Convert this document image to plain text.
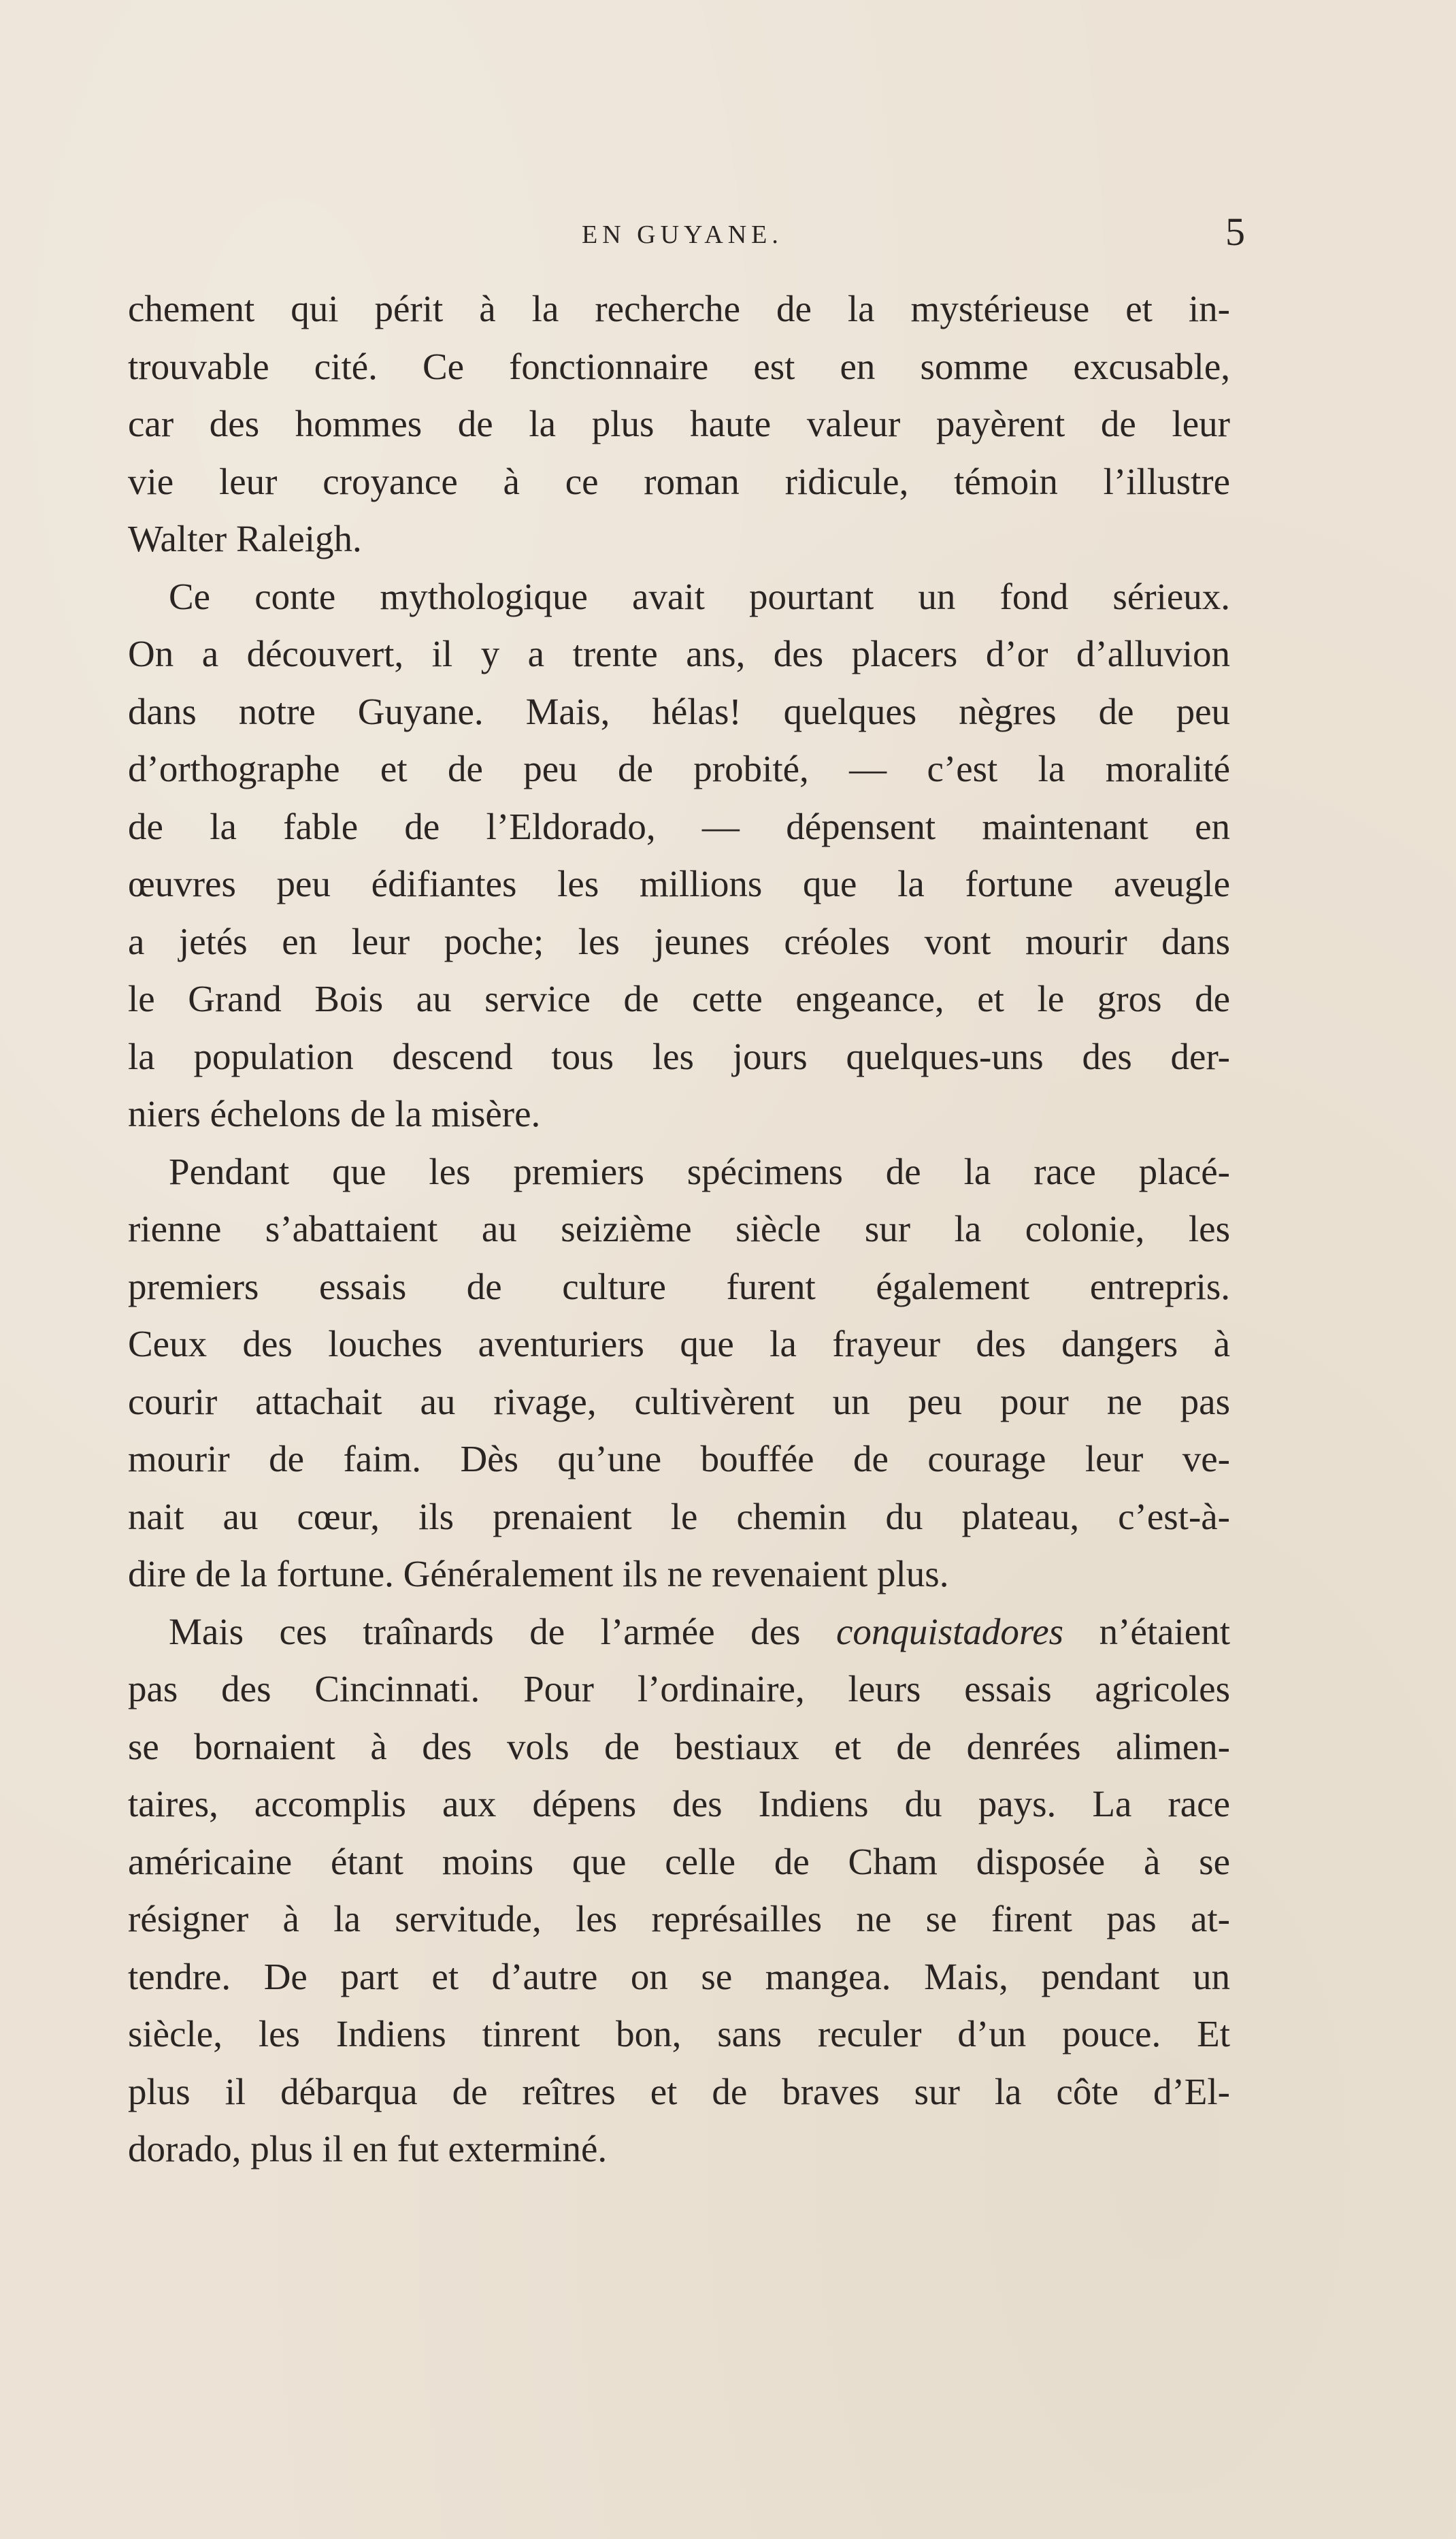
EN GUYANE.	5
chement qui périt à la recherche de la mystérieuse et in-
trouvable cité. Ce fonctionnaire est en somme excusable,
car des hommes de la plus haute valeur payèrent de leur
vie leur croyance à ce roman ridicule, témoin l’illustre
Walter Raleigh.
Ce conte mythologique avait pourtant un fond sérieux.
On a découvert, il y a trente ans, des placers d’or d’alluvion
dans notre Guyane. Mais, hélas! quelques nègres de peu
d’orthographe et de peu de probité, — c’est la moralité
de la fable de l’Eldorado, — dépensent maintenant en
œuvres peu édifiantes les millions que la fortune aveugle
a jetés en leur poche; les jeunes créoles vont mourir dans
le Grand Bois au service de cette engeance, et le gros de
la population descend tous les jours quelques-uns des der-
niers échelons de la misère.
Pendant que les premiers spécimens de la race placé-
rienne s’abattaient au seizième siècle sur la colonie, les
premiers essais de culture furent également entrepris.
Ceux des louches aventuriers que la frayeur des dangers à
courir attachait au rivage, cultivèrent un peu pour ne pas
mourir de faim. Dès qu’une bouffée de courage leur ve-
nait au cœur, ils prenaient le chemin du plateau, c’est-à-
dire de la fortune. Généralement ils ne revenaient plus.
Mais ces traînards de l’armée des conquistadores n’étaient
pas des Cincinnati. Pour l’ordinaire, leurs essais agricoles
se bornaient à des vols de bestiaux et de denrées alimen-
taires, accomplis aux dépens des Indiens du pays. La race
américaine étant moins que celle de Cham disposée à se
résigner à la servitude, les représailles ne se firent pas at-
tendre. De part et d’autre on se mangea. Mais, pendant un
siècle, les Indiens tinrent bon, sans reculer d’un pouce. Et
plus il débarqua de reîtres et de braves sur la côte d’El-
dorado, plus il en fut exterminé.
